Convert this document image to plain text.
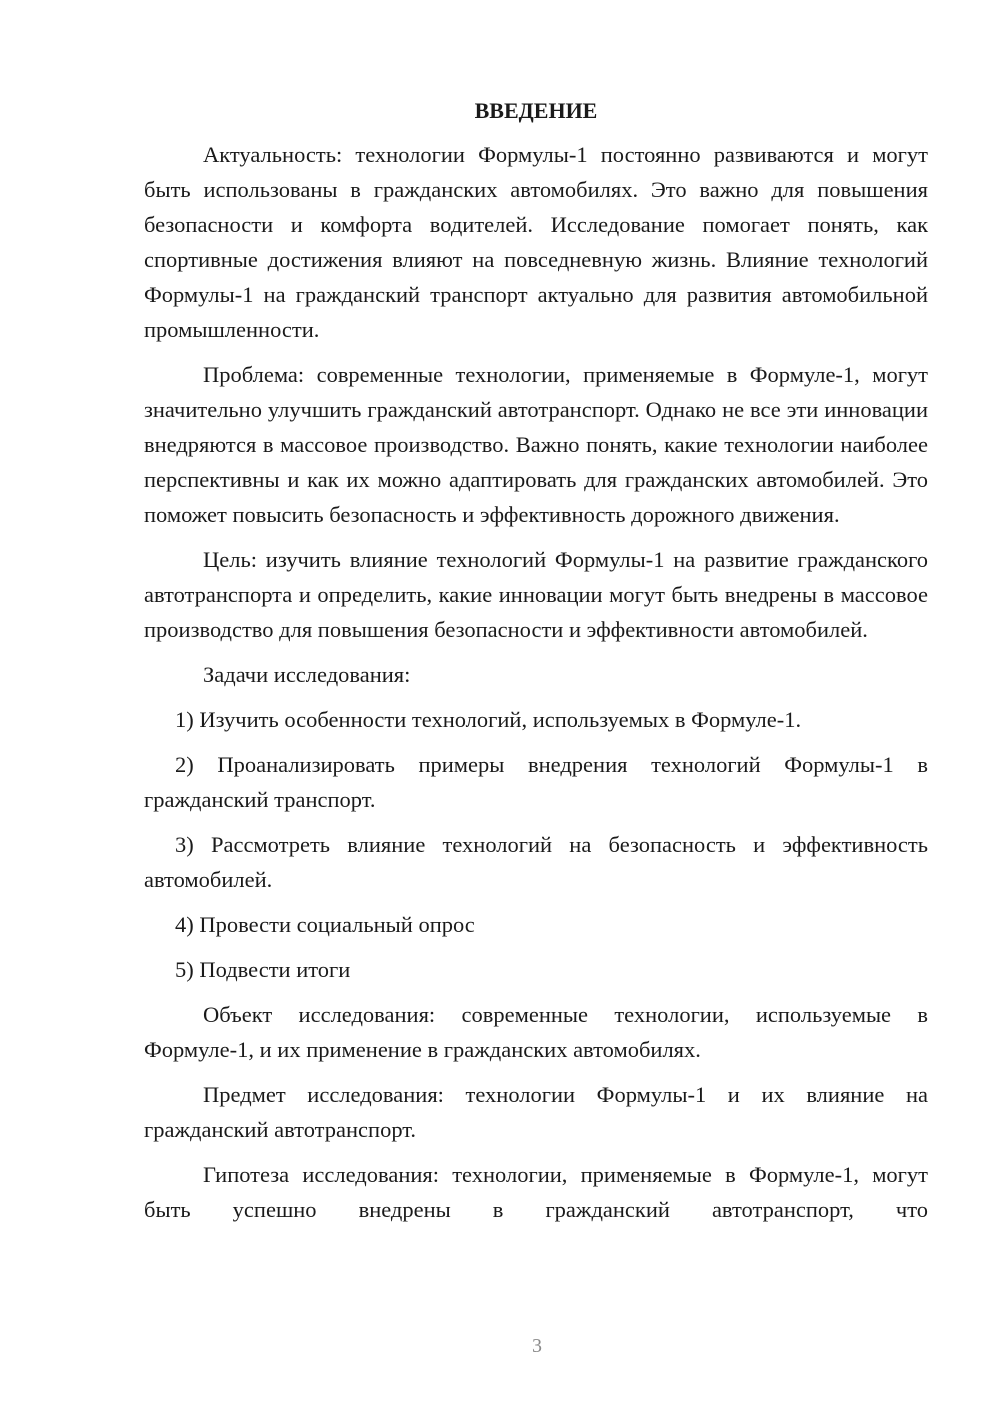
ВВЕДЕНИЕ

Актуальность: технологии Формулы-1 постоянно развиваются и могут быть использованы в гражданских автомобилях. Это важно для повышения безопасности и комфорта водителей. Исследование помогает понять, как спортивные достижения влияют на повседневную жизнь. Влияние технологий Формулы-1 на гражданский транспорт актуально для развития автомобильной промышленности.

Проблема: современные технологии, применяемые в Формуле-1, могут значительно улучшить гражданский автотранспорт. Однако не все эти инновации внедряются в массовое производство. Важно понять, какие технологии наиболее перспективны и как их можно адаптировать для гражданских автомобилей. Это поможет повысить безопасность и эффективность дорожного движения.

Цель: изучить влияние технологий Формулы-1 на развитие гражданского автотранспорта и определить, какие инновации могут быть внедрены в массовое производство для повышения безопасности и эффективности автомобилей.

Задачи исследования:

1) Изучить особенности технологий, используемых в Формуле-1.

2) Проанализировать примеры внедрения технологий Формулы-1 в гражданский транспорт.

3) Рассмотреть влияние технологий на безопасность и эффективность автомобилей.

4) Провести социальный опрос

5) Подвести итоги

Объект исследования: современные технологии, используемые в Формуле-1, и их применение в гражданских автомобилях.

Предмет исследования: технологии Формулы-1 и их влияние на гражданский автотранспорт.

Гипотеза исследования: технологии, применяемые в Формуле-1, могут быть успешно внедрены в гражданский автотранспорт, что

3
